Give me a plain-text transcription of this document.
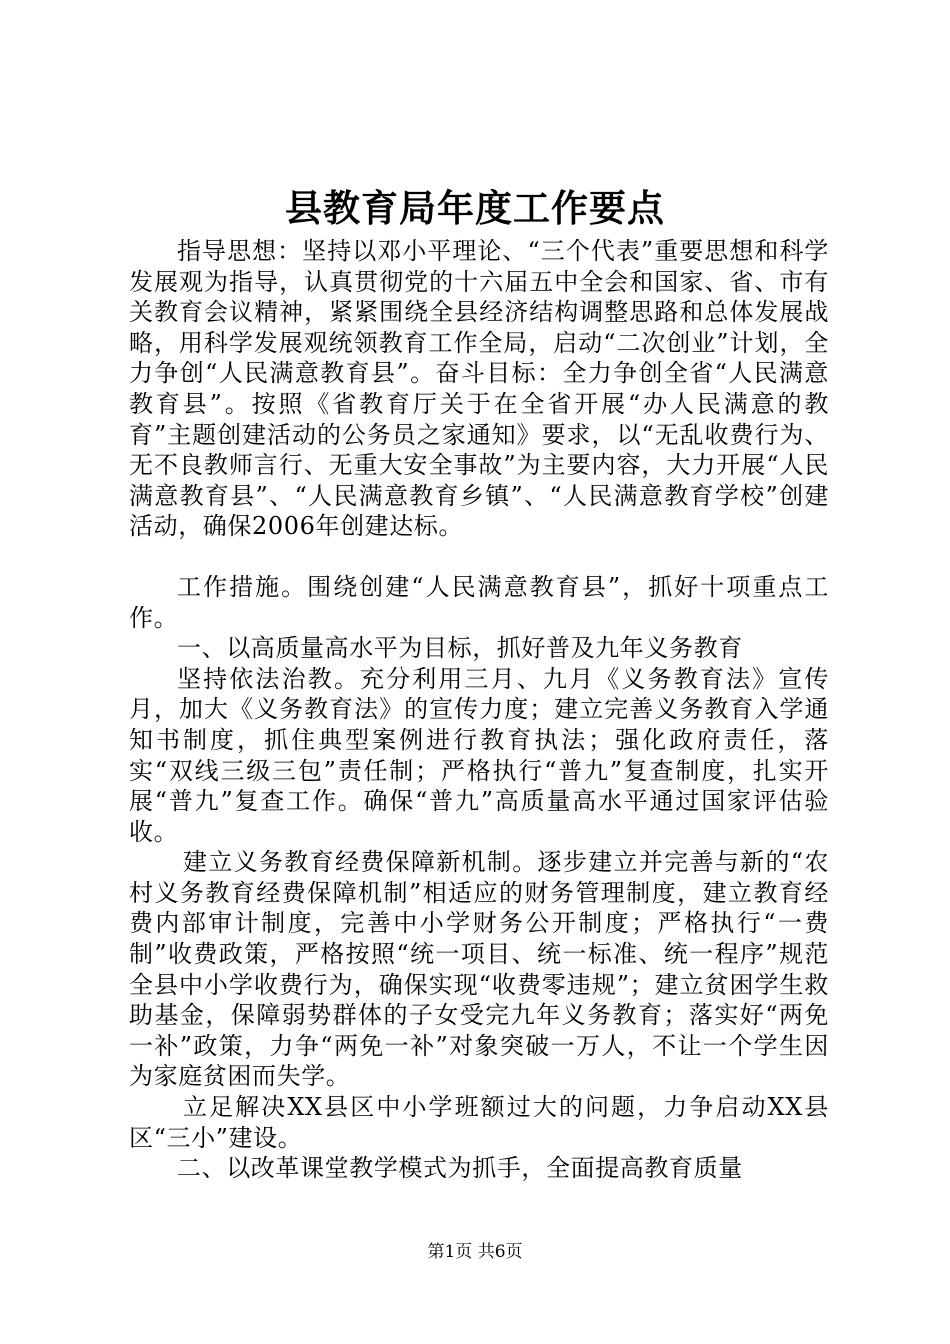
县教育局年度工作要点

指导思想：坚持以邓小平理论、“三个代表”重要思想和科学发展观为指导，认真贯彻党的十六届五中全会和国家、省、市有关教育会议精神，紧紧围绕全县经济结构调整思路和总体发展战略，用科学发展观统领教育工作全局，启动“二次创业”计划，全力争创“人民满意教育县”。奋斗目标：全力争创全省“人民满意教育县”。按照《省教育厅关于在全省开展“办人民满意的教育”主题创建活动的公务员之家通知》要求，以“无乱收费行为、无不良教师言行、无重大安全事故”为主要内容，大力开展“人民满意教育县”、“人民满意教育乡镇”、“人民满意教育学校”创建活动，确保2006年创建达标。

工作措施。围绕创建“人民满意教育县”，抓好十项重点工作。

一、以高质量高水平为目标，抓好普及九年义务教育

坚持依法治教。充分利用三月、九月《义务教育法》宣传月，加大《义务教育法》的宣传力度；建立完善义务教育入学通知书制度，抓住典型案例进行教育执法；强化政府责任，落实“双线三级三包”责任制；严格执行“普九”复查制度，扎实开展“普九”复查工作。确保“普九”高质量高水平通过国家评估验收。

建立义务教育经费保障新机制。逐步建立并完善与新的“农村义务教育经费保障机制”相适应的财务管理制度，建立教育经费内部审计制度，完善中小学财务公开制度；严格执行“一费制”收费政策，严格按照“统一项目、统一标准、统一程序”规范全县中小学收费行为，确保实现“收费零违规”；建立贫困学生救助基金，保障弱势群体的子女受完九年义务教育；落实好“两免一补”政策，力争“两免一补”对象突破一万人，不让一个学生因为家庭贫困而失学。

立足解决XX县区中小学班额过大的问题，力争启动XX县区“三小”建设。

二、以改革课堂教学模式为抓手，全面提高教育质量

第1页 共6页
